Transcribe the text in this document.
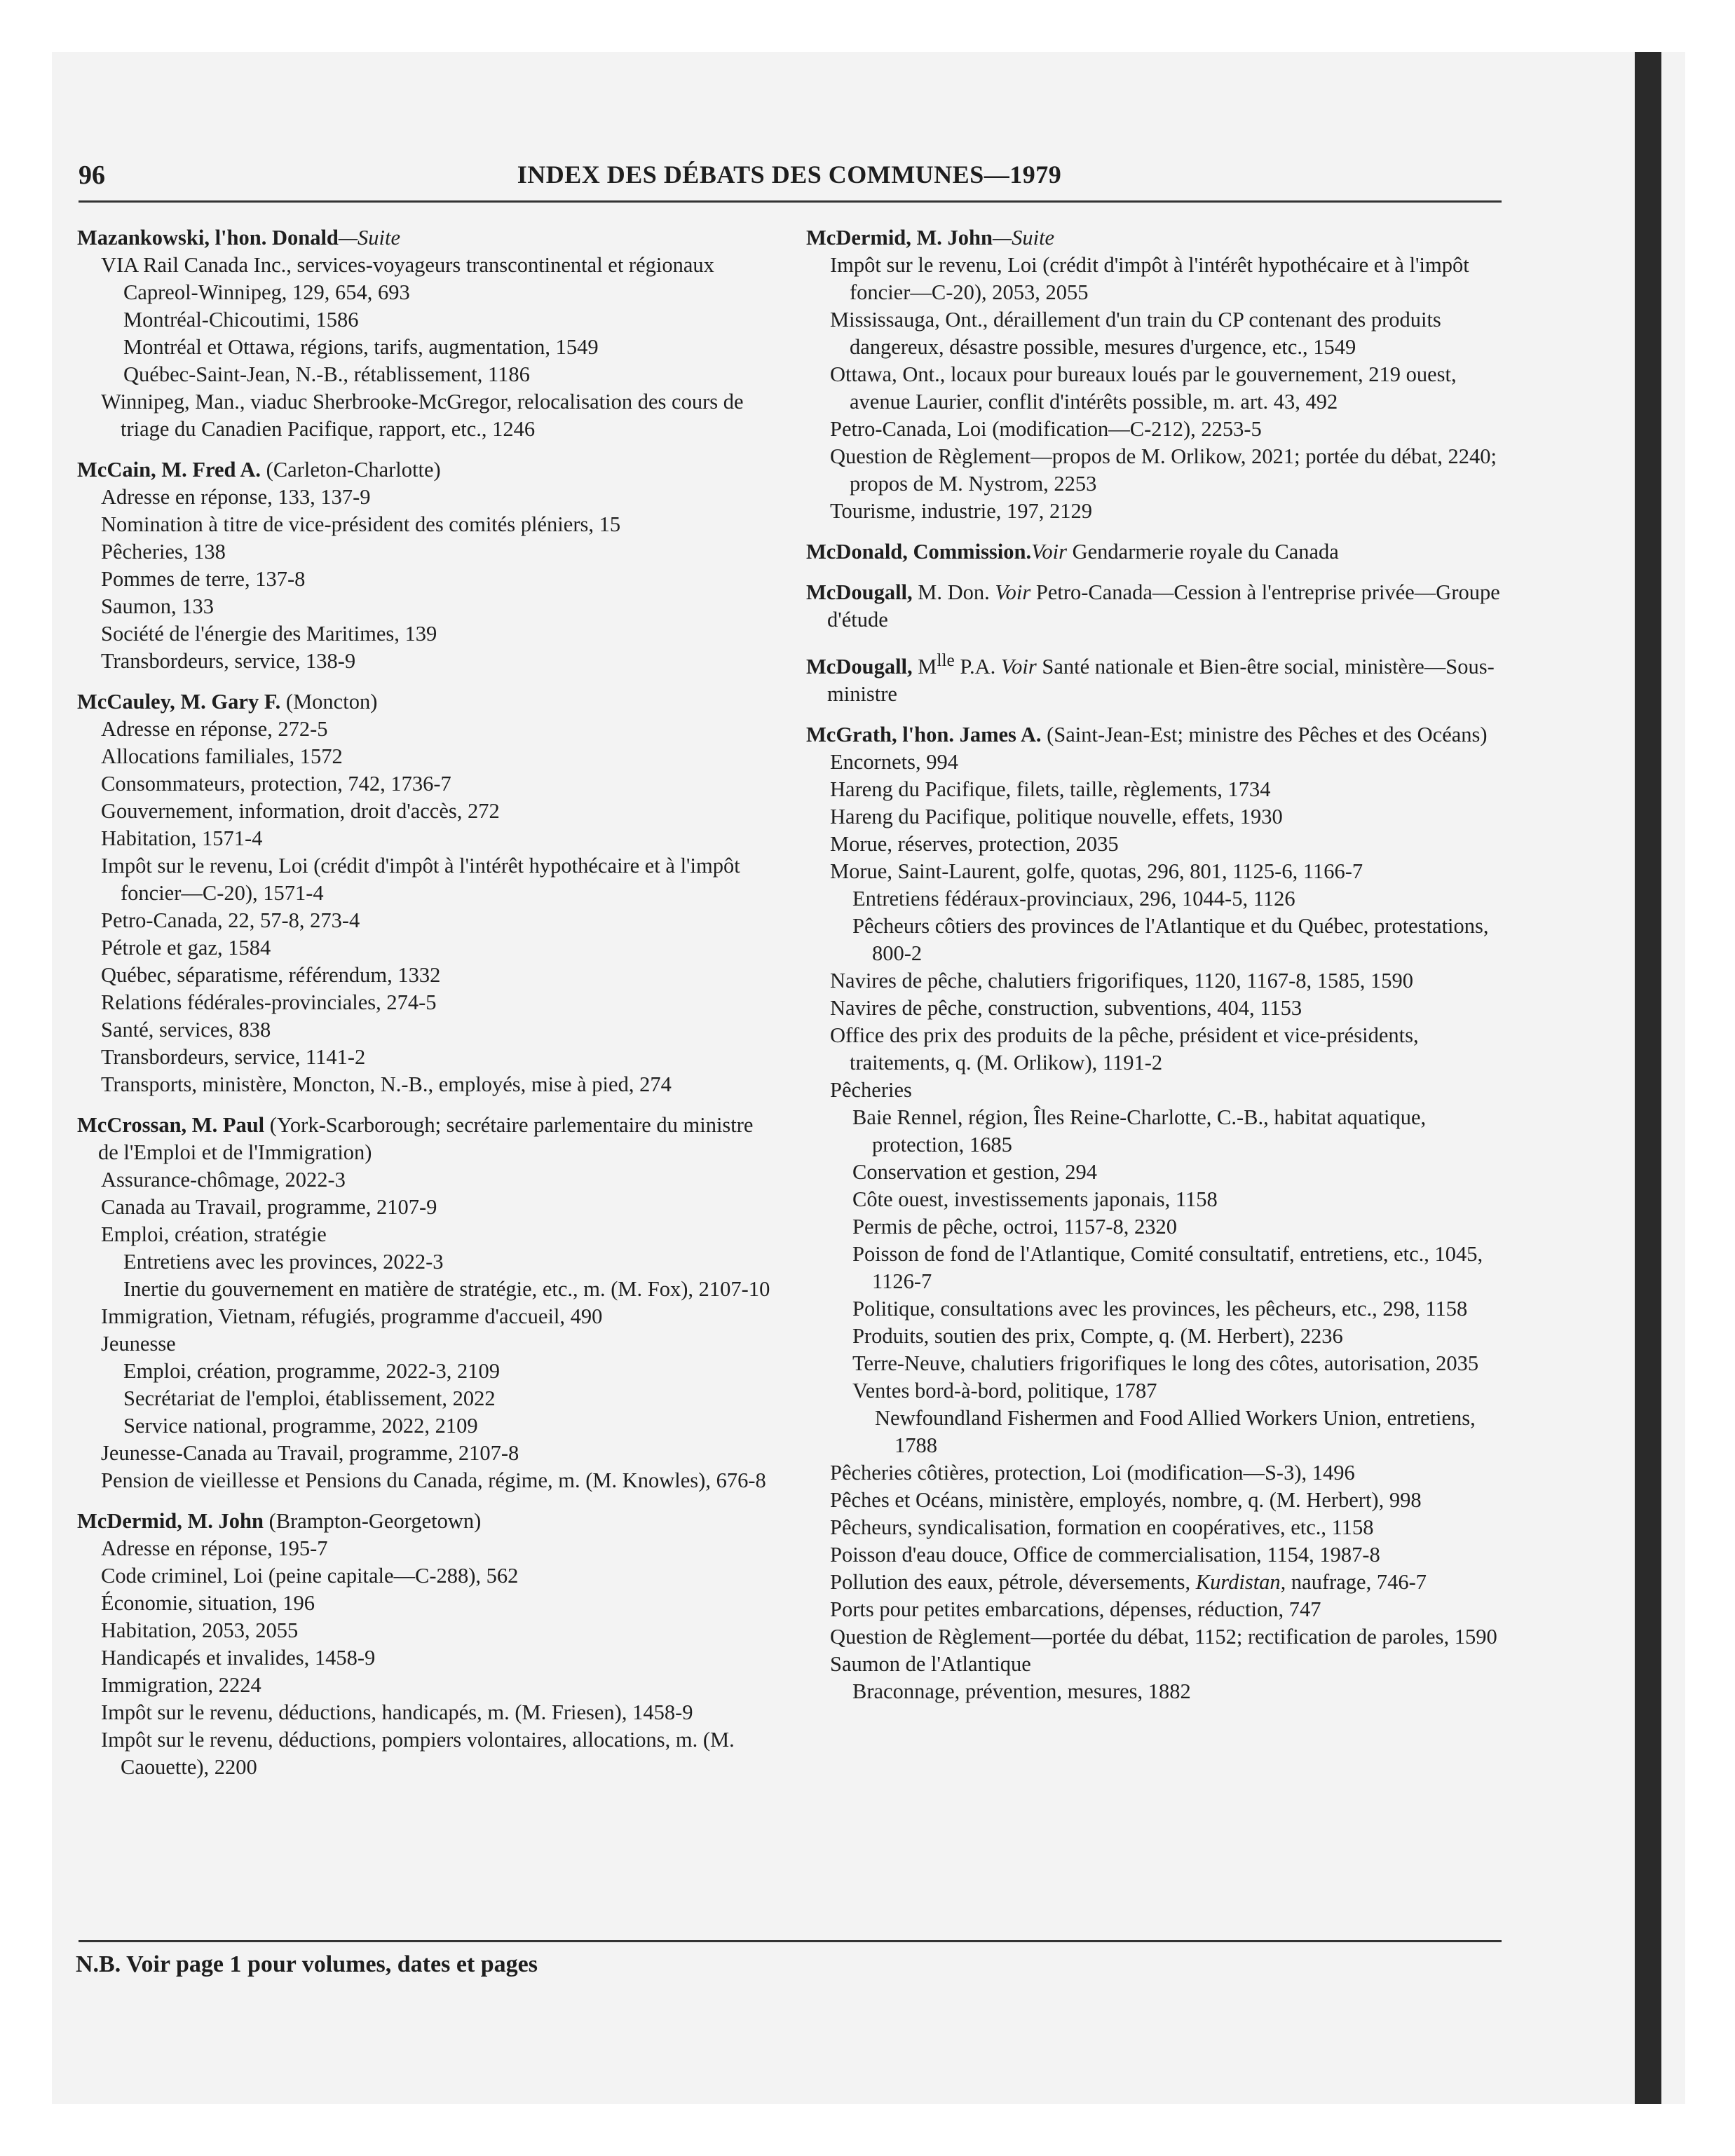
96	INDEX DES DÉBATS DES COMMUNES—1979
Mazankowski, l'hon. Donald—Suite
VIA Rail Canada Inc., services-voyageurs transcontinental et régionaux
Capreol-Winnipeg, 129, 654, 693
Montréal-Chicoutimi, 1586
Montréal et Ottawa, régions, tarifs, augmentation, 1549
Québec-Saint-Jean, N.-B., rétablissement, 1186
Winnipeg, Man., viaduc Sherbrooke-McGregor, relocalisation des cours de triage du Canadien Pacifique, rapport, etc., 1246
McCain, M. Fred A. (Carleton-Charlotte)
Adresse en réponse, 133, 137-9
Nomination à titre de vice-président des comités pléniers, 15
Pêcheries, 138
Pommes de terre, 137-8
Saumon, 133
Société de l'énergie des Maritimes, 139
Transbordeurs, service, 138-9
McCauley, M. Gary F. (Moncton)
Adresse en réponse, 272-5
Allocations familiales, 1572
Consommateurs, protection, 742, 1736-7
Gouvernement, information, droit d'accès, 272
Habitation, 1571-4
Impôt sur le revenu, Loi (crédit d'impôt à l'intérêt hypothécaire et à l'impôt foncier—C-20), 1571-4
Petro-Canada, 22, 57-8, 273-4
Pétrole et gaz, 1584
Québec, séparatisme, référendum, 1332
Relations fédérales-provinciales, 274-5
Santé, services, 838
Transbordeurs, service, 1141-2
Transports, ministère, Moncton, N.-B., employés, mise à pied, 274
McCrossan, M. Paul (York-Scarborough; secrétaire parlementaire du ministre de l'Emploi et de l'Immigration)
Assurance-chômage, 2022-3
Canada au Travail, programme, 2107-9
Emploi, création, stratégie
Entretiens avec les provinces, 2022-3
Inertie du gouvernement en matière de stratégie, etc., m. (M. Fox), 2107-10
Immigration, Vietnam, réfugiés, programme d'accueil, 490
Jeunesse
Emploi, création, programme, 2022-3, 2109
Secrétariat de l'emploi, établissement, 2022
Service national, programme, 2022, 2109
Jeunesse-Canada au Travail, programme, 2107-8
Pension de vieillesse et Pensions du Canada, régime, m. (M. Knowles), 676-8
McDermid, M. John (Brampton-Georgetown)
Adresse en réponse, 195-7
Code criminel, Loi (peine capitale—C-288), 562
Économie, situation, 196
Habitation, 2053, 2055
Handicapés et invalides, 1458-9
Immigration, 2224
Impôt sur le revenu, déductions, handicapés, m. (M. Friesen), 1458-9
Impôt sur le revenu, déductions, pompiers volontaires, allocations, m. (M. Caouette), 2200
McDermid, M. John—Suite
Impôt sur le revenu, Loi (crédit d'impôt à l'intérêt hypothécaire et à l'impôt foncier—C-20), 2053, 2055
Mississauga, Ont., déraillement d'un train du CP contenant des produits dangereux, désastre possible, mesures d'urgence, etc., 1549
Ottawa, Ont., locaux pour bureaux loués par le gouvernement, 219 ouest, avenue Laurier, conflit d'intérêts possible, m. art. 43, 492
Petro-Canada, Loi (modification—C-212), 2253-5
Question de Règlement—propos de M. Orlikow, 2021; portée du débat, 2240; propos de M. Nystrom, 2253
Tourisme, industrie, 197, 2129
McDonald, Commission.Voir Gendarmerie royale du Canada
McDougall, M. Don. Voir Petro-Canada—Cession à l'entreprise privée—Groupe d'étude
McDougall, $M^{lle}$ P.A. Voir Santé nationale et Bien-être social, ministère—Sous-ministre
McGrath, l'hon. James A. (Saint-Jean-Est; ministre des Pêches et des Océans)
Encornets, 994
Hareng du Pacifique, filets, taille, règlements, 1734
Hareng du Pacifique, politique nouvelle, effets, 1930
Morue, réserves, protection, 2035
Morue, Saint-Laurent, golfe, quotas, 296, 801, 1125-6, 1166-7
Entretiens fédéraux-provinciaux, 296, 1044-5, 1126
Pêcheurs côtiers des provinces de l'Atlantique et du Québec, protestations, 800-2
Navires de pêche, chalutiers frigorifiques, 1120, 1167-8, 1585, 1590
Navires de pêche, construction, subventions, 404, 1153
Office des prix des produits de la pêche, président et vice-présidents, traitements, q. (M. Orlikow), 1191-2
Pêcheries
Baie Rennel, région, Îles Reine-Charlotte, C.-B., habitat aquatique, protection, 1685
Conservation et gestion, 294
Côte ouest, investissements japonais, 1158
Permis de pêche, octroi, 1157-8, 2320
Poisson de fond de l'Atlantique, Comité consultatif, entretiens, etc., 1045, 1126-7
Politique, consultations avec les provinces, les pêcheurs, etc., 298, 1158
Produits, soutien des prix, Compte, q. (M. Herbert), 2236
Terre-Neuve, chalutiers frigorifiques le long des côtes, autorisation, 2035
Ventes bord-à-bord, politique, 1787
Newfoundland Fishermen and Food Allied Workers Union, entretiens, 1788
Pêcheries côtières, protection, Loi (modification—S-3), 1496
Pêches et Océans, ministère, employés, nombre, q. (M. Herbert), 998
Pêcheurs, syndicalisation, formation en coopératives, etc., 1158
Poisson d'eau douce, Office de commercialisation, 1154, 1987-8
Pollution des eaux, pétrole, déversements, Kurdistan, naufrage, 746-7
Ports pour petites embarcations, dépenses, réduction, 747
Question de Règlement—portée du débat, 1152; rectification de paroles, 1590
Saumon de l'Atlantique
Braconnage, prévention, mesures, 1882
N.B. Voir page 1 pour volumes, dates et pages
